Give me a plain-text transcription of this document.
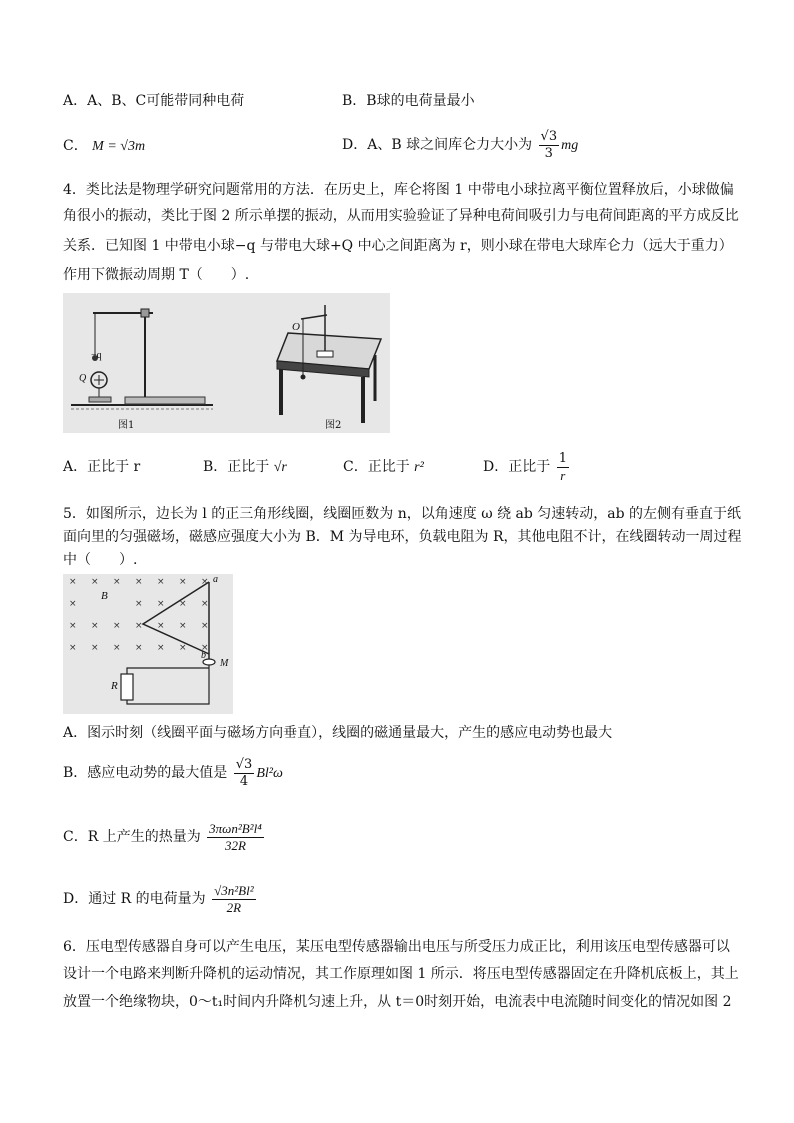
A．A、B、C可能带同种电荷	B．B球的电荷量最小
C． M = √3m	D．A、B 球之间库仑力大小为 $\frac{√3}{3}$ mg
4．类比法是物理学研究问题常用的方法．在历史上，库仑将图 1 中带电小球拉离平衡位置释放后，小球做偏
角很小的振动，类比于图 2 所示单摆的振动，从而用实验验证了异种电荷间吸引力与电荷间距离的平方成反比
关系．已知图 1 中带电小球−q 与带电大球+Q 中心之间距离为 r，则小球在带电大球库仑力（远大于重力）
作用下微振动周期 T（　　）.
−q
Q
O
图1	图2
A．正比于 r	B．正比于 √r	C．正比于 r²	D．正比于 $\frac{1}{r}$
5．如图所示，边长为 l 的正三角形线圈，线圈匝数为 n，以角速度 ω 绕 ab 匀速转动，ab 的左侧有垂直于纸
面向里的匀强磁场，磁感应强度大小为 B．M 为导电环，负载电阻为 R，其他电阻不计，在线圈转动一周过程
中（　　）.
× × × × × × ×
×	× × × ×
× × × × × × ×
× × × × × × ×
B
a
b
M
R
A．图示时刻（线圈平面与磁场方向垂直），线圈的磁通量最大，产生的感应电动势也最大
B．感应电动势的最大值是 $\frac{√3}{4} Bl^2\omega$
C．R 上产生的热量为 $\frac{\text{3πωn²B²l⁴}}{32R}$
D．通过 R 的电荷量为 $\frac{\text{√3n²Bl²}}{2R}$
6．压电型传感器自身可以产生电压，某压电型传感器输出电压与所受压力成正比，利用该压电型传感器可以
设计一个电路来判断升降机的运动情况，其工作原理如图 1 所示．将压电型传感器固定在升降机底板上，其上
放置一个绝缘物块，0～t₁时间内升降机匀速上升，从 t＝0时刻开始，电流表中电流随时间变化的情况如图 2
